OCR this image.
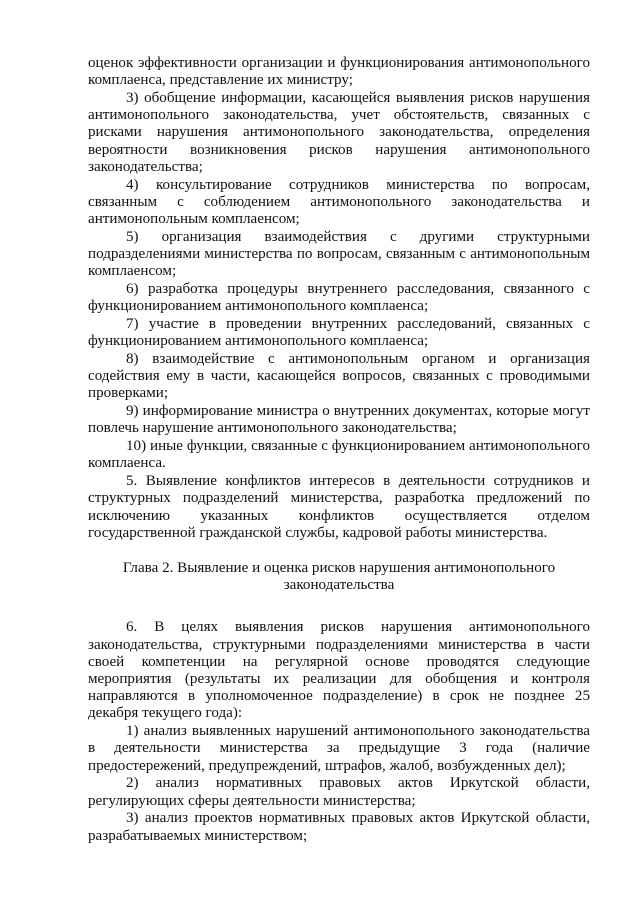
оценок эффективности организации и функционирования антимонопольного комплаенса, представление их министру;

3) обобщение информации, касающейся выявления рисков нарушения антимонопольного законодательства, учет обстоятельств, связанных с рисками нарушения антимонопольного законодательства, определения вероятности возникновения рисков нарушения антимонопольного законодательства;

4) консультирование сотрудников министерства по вопросам, связанным с соблюдением антимонопольного законодательства и антимонопольным комплаенсом;

5) организация взаимодействия с другими структурными подразделениями министерства по вопросам, связанным с антимонопольным комплаенсом;

6) разработка процедуры внутреннего расследования, связанного с функционированием антимонопольного комплаенса;

7) участие в проведении внутренних расследований, связанных с функционированием антимонопольного комплаенса;

8) взаимодействие с антимонопольным органом и организация содействия ему в части, касающейся вопросов, связанных с проводимыми проверками;

9) информирование министра о внутренних документах, которые могут повлечь нарушение антимонопольного законодательства;

10) иные функции, связанные с функционированием антимонопольного комплаенса.

5. Выявление конфликтов интересов в деятельности сотрудников и структурных подразделений министерства, разработка предложений по исключению указанных конфликтов осуществляется отделом государственной гражданской службы, кадровой работы министерства.

Глава 2. Выявление и оценка рисков нарушения антимонопольного
законодательства

6. В целях выявления рисков нарушения антимонопольного законодательства, структурными подразделениями министерства в части своей компетенции на регулярной основе проводятся следующие мероприятия (результаты их реализации для обобщения и контроля направляются в уполномоченное подразделение) в срок не позднее 25 декабря текущего года):

1) анализ выявленных нарушений антимонопольного законодательства в деятельности министерства за предыдущие 3 года (наличие предостережений, предупреждений, штрафов, жалоб, возбужденных дел);

2) анализ нормативных правовых актов Иркутской области, регулирующих сферы деятельности министерства;

3) анализ проектов нормативных правовых актов Иркутской области, разрабатываемых министерством;
